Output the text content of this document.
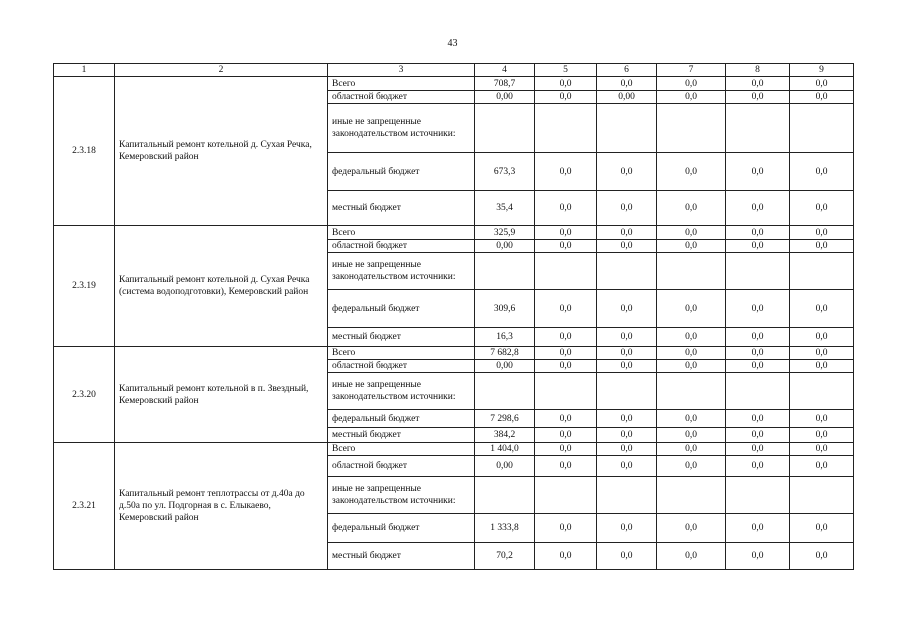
43
1	2	3	4	5	6	7	8	9
2.3.18	Капитальный ремонт котельной д. Сухая Речка, Кемеровский район	Всего	708,7	0,0	0,0	0,0	0,0	0,0
		областной бюджет	0,00	0,0	0,00	0,0	0,0	0,0
		иные не запрещенные законодательством источники:						
		федеральный бюджет	673,3	0,0	0,0	0,0	0,0	0,0
		местный бюджет	35,4	0,0	0,0	0,0	0,0	0,0
2.3.19	Капитальный ремонт котельной д. Сухая Речка (система водоподготовки), Кемеровский район	Всего	325,9	0,0	0,0	0,0	0,0	0,0
		областной бюджет	0,00	0,0	0,0	0,0	0,0	0,0
		иные не запрещенные законодательством источники:						
		федеральный бюджет	309,6	0,0	0,0	0,0	0,0	0,0
		местный бюджет	16,3	0,0	0,0	0,0	0,0	0,0
2.3.20	Капитальный ремонт котельной в п. Звездный, Кемеровский район	Всего	7 682,8	0,0	0,0	0,0	0,0	0,0
		областной бюджет	0,00	0,0	0,0	0,0	0,0	0,0
		иные не запрещенные законодательством источники:						
		федеральный бюджет	7 298,6	0,0	0,0	0,0	0,0	0,0
		местный бюджет	384,2	0,0	0,0	0,0	0,0	0,0
2.3.21	Капитальный ремонт теплотрассы от д.40а до д.50а по ул. Подгорная в с. Елыкаево, Кемеровский район	Всего	1 404,0	0,0	0,0	0,0	0,0	0,0
		областной бюджет	0,00	0,0	0,0	0,0	0,0	0,0
		иные не запрещенные законодательством источники:						
		федеральный бюджет	1 333,8	0,0	0,0	0,0	0,0	0,0
		местный бюджет	70,2	0,0	0,0	0,0	0,0	0,0
